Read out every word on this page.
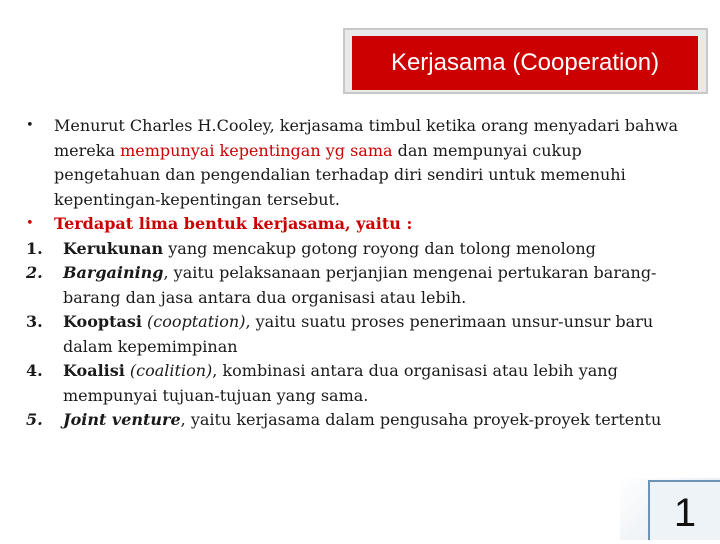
Kerjasama (Cooperation)
•	Menurut Charles H.Cooley, kerjasama timbul ketika orang menyadari bahwa mereka mempunyai kepentingan yg sama dan mempunyai cukup pengetahuan dan pengendalian terhadap diri sendiri untuk memenuhi kepentingan-kepentingan tersebut.
•	Terdapat lima bentuk kerjasama, yaitu :
1.	Kerukunan yang mencakup gotong royong dan tolong menolong
2.	Bargaining, yaitu pelaksanaan perjanjian mengenai pertukaran barang-barang dan jasa antara dua organisasi atau lebih.
3.	Kooptasi (cooptation), yaitu suatu proses penerimaan unsur-unsur baru dalam kepemimpinan
4.	Koalisi (coalition), kombinasi antara dua organisasi atau lebih yang mempunyai tujuan-tujuan yang sama.
5.	Joint venture, yaitu kerjasama dalam pengusaha proyek-proyek tertentu
1
